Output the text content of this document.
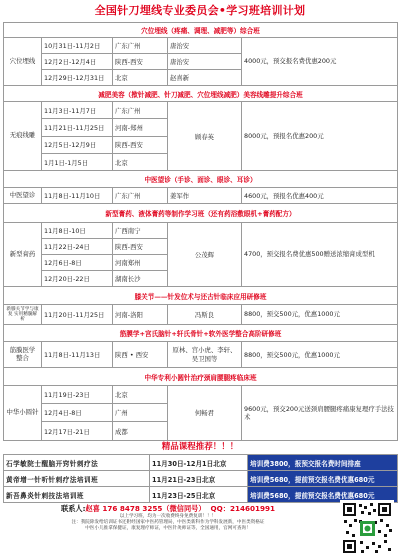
全国针刀埋线专业委员会•学习班培训计划
穴位埋线（疼痛、调理、减肥等）综合班				
穴位埋线	10月31日-11月2日	广东广州	唐治安	4000元，预交报名费优惠200元
	12月2日-12月4日	陕西-西安	唐治安	
	12月29日-12月31日	北京	赵喜新	
减肥美容（揿针减肥、针刀减肥、穴位埋线减肥）美容线雕提升综合班				
无痕线雕	11月3日-11月7日	广东广州	顾春英	8000元，预报名优惠200元
	11月21日-11月25日	河南-郑州		
	12月5日-12月9日	陕西-西安		
	1月1日-1月5日	北京		
中医望诊（手诊、面诊、眼诊、耳诊）				
中医望诊	11月8日-11月10日	广东广州	姜军作	4600元，预报名优惠400元
新型膏药、液体膏药等制作学习班（还有药浴敷眼机+膏药配方）				
新型膏药	11月8日-10日	广西南宁	公茂辉	4700，预交报名费优惠500赠送浓缩膏成型机
	11月22日-24日	陕西-西安		
	12月6日-8日	河南郑州		
	12月20日-22日	湖南长沙		
膝关节——针发位术与还古针临床应用研修班				
新膝关节学与康复 实用精髓解析	11月20日-11月25日	河南-洛阳	冯斯良	8800，预交500元，优惠1000元
筋膜学+宫氏脑针+轩氏骨针+软外医学整合高阶研修班				
筋膜医学 整合	11月8日-11月13日	陕西 • 西安	原林、宫小虎、李轩、吴卫国等	8800，预交500元，优惠1000元
中华专利小圆针治疗颈肩腰腿疼临床班				
中华小圆针	11月19日-23日	北京	何畅君	9600元，预交200元送颈肩腰腿疼痛康复理疗手法技术
	12月4日-8日	广州		
	12月17日-21日	成都		
精品课程推荐！！！
石学敏院士醒脑开窍针刺疗法	11月30日-12月1日北京	培训费3800，报预交报名费时间排座
黄帝增一针听针刺疗法培训班	11月21日-23日北京	培训费5680，提前预交报名费优惠680元
新吾鼻炎针刺技法培训班	11月23日-25日北京	培训费5680，提前预交报名费优惠680元
联系人:赵喜 176 8478 3255（微信同号） QQ：214601991
以上学习班，均为一次收费终身免费复训！！！
注：我院除发给培训证书还附经国家中医药管理局，中医类新科作为学科发展新，中医类资格证
中医小儿推拿保健证，康复理疗师证，中医针灸师证等，全国通用，官网可查询！
